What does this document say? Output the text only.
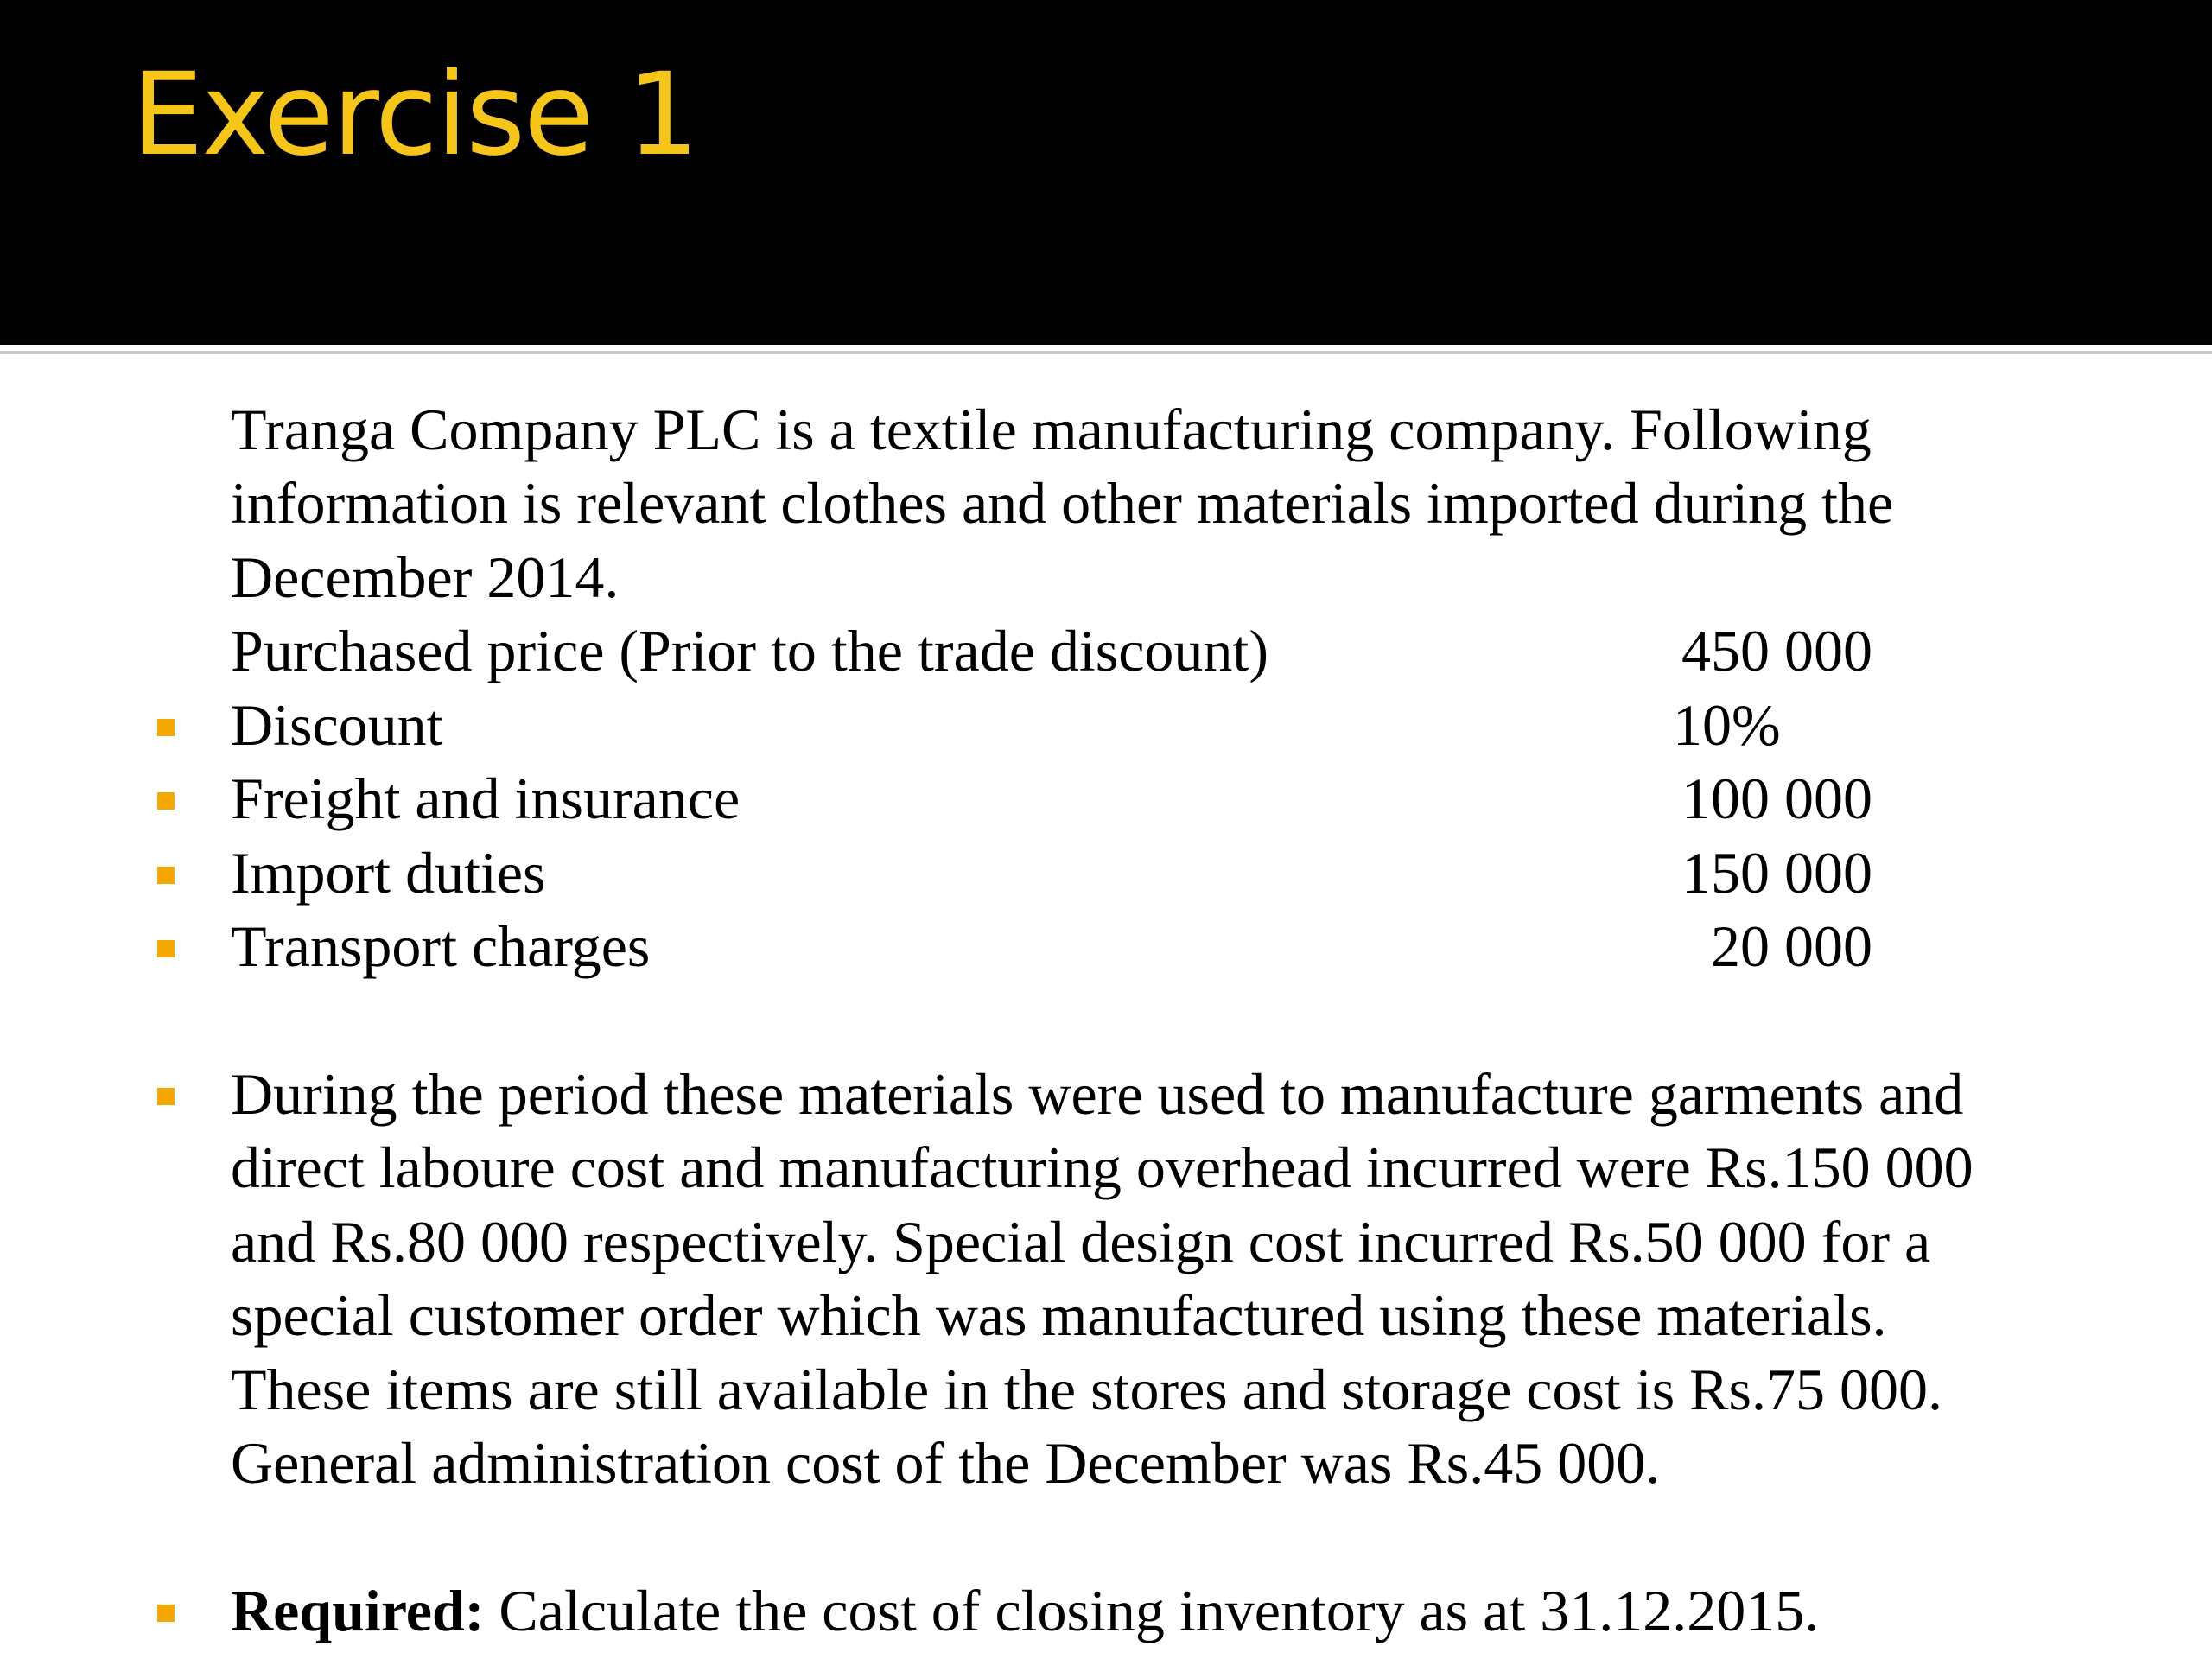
Exercise 1
Tranga Company PLC is a textile manufacturing company. Following
information is relevant clothes and other materials imported during the
December 2014.
Purchased price (Prior to the trade discount)	450 000
Discount	10%
Freight and insurance	100 000
Import duties	150 000
Transport charges	20 000
During the period these materials were used to manufacture garments and
direct laboure cost and manufacturing overhead incurred were Rs.150 000
and Rs.80 000 respectively. Special design cost incurred Rs.50 000 for a
special customer order which was manufactured using these materials.
These items are still available in the stores and storage cost is Rs.75 000.
General administration cost of the December was Rs.45 000.
Required: Calculate the cost of closing inventory as at 31.12.2015.
